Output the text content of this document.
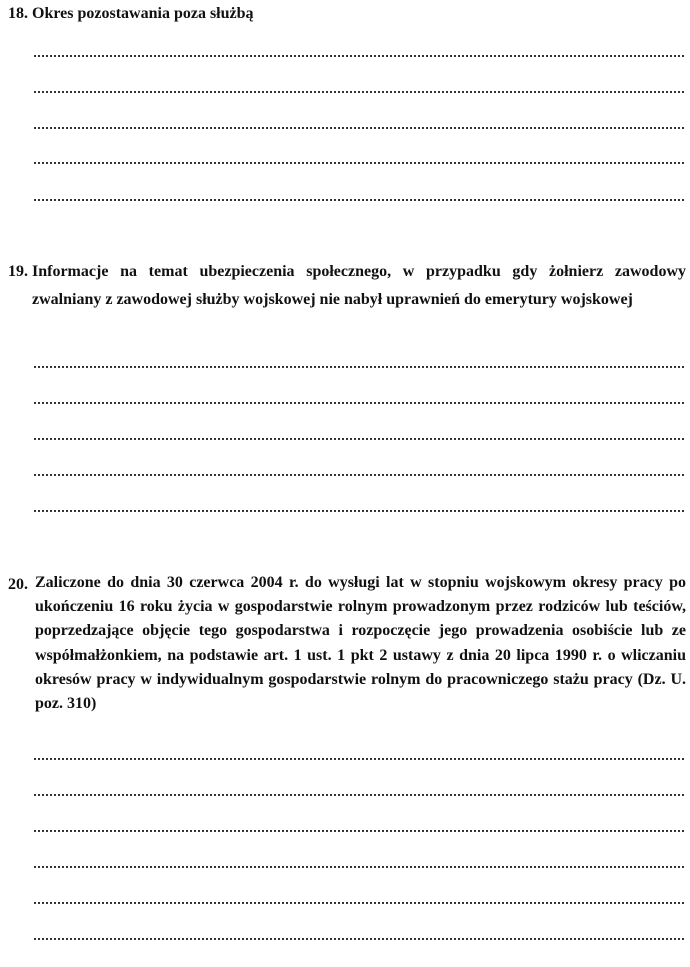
18. Okres pozostawania poza służbą
19. Informacje na temat ubezpieczenia społecznego, w przypadku gdy żołnierz zawodowy zwalniany z zawodowej służby wojskowej nie nabył uprawnień do emerytury wojskowej
20. Zaliczone do dnia 30 czerwca 2004 r. do wysługi lat w stopniu wojskowym okresy pracy po ukończeniu 16 roku życia w gospodarstwie rolnym prowadzonym przez rodziców lub teściów, poprzedzające objęcie tego gospodarstwa i rozpoczęcie jego prowadzenia osobiście lub ze współmałżonkiem, na podstawie art. 1 ust. 1 pkt 2 ustawy z dnia 20 lipca 1990 r. o wliczaniu okresów pracy w indywidualnym gospodarstwie rolnym do pracowniczego stażu pracy (Dz. U. poz. 310)
